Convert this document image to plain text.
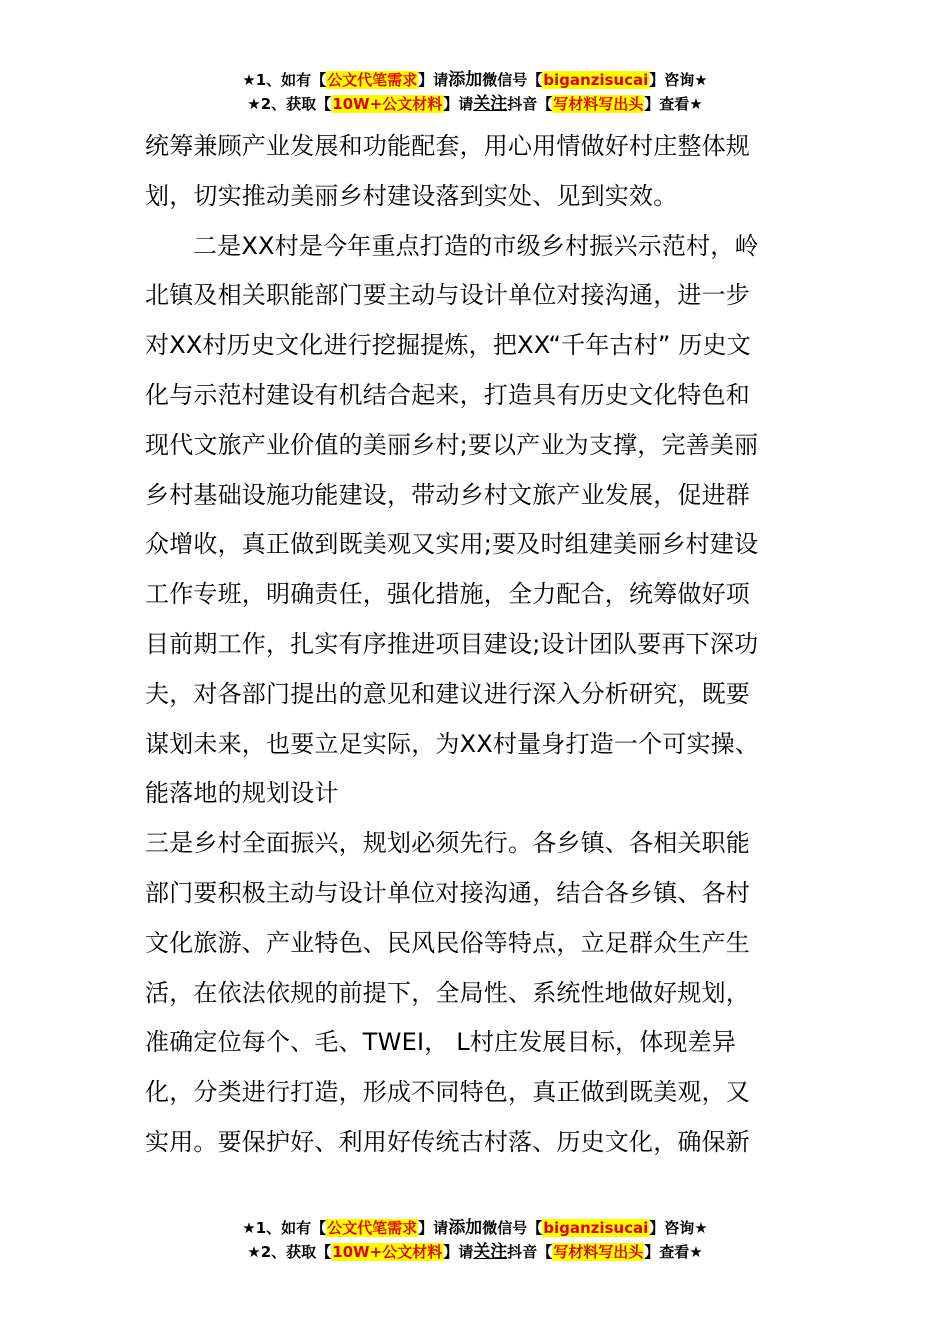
★1、如有【公文代笔需求】请添加微信号【biganzisucai】咨询★
★2、获取【10W+公文材料】请关注抖音【写材料写出头】查看★
统筹兼顾产业发展和功能配套，用心用情做好村庄整体规
划，切实推动美丽乡村建设落到实处、见到实效。
二是XX村是今年重点打造的市级乡村振兴示范村，岭
北镇及相关职能部门要主动与设计单位对接沟通，进一步
对XX村历史文化进行挖掘提炼，把XX“千年古村” 历史文
化与示范村建设有机结合起来，打造具有历史文化特色和
现代文旅产业价值的美丽乡村;要以产业为支撑，完善美丽
乡村基础设施功能建设，带动乡村文旅产业发展，促进群
众增收，真正做到既美观又实用;要及时组建美丽乡村建设
工作专班，明确责任，强化措施，全力配合，统筹做好项
目前期工作，扎实有序推进项目建设;设计团队要再下深功
夫，对各部门提出的意见和建议进行深入分析研究，既要
谋划未来，也要立足实际，为XX村量身打造一个可实操、
能落地的规划设计
三是乡村全面振兴，规划必须先行。各乡镇、各相关职能
部门要积极主动与设计单位对接沟通，结合各乡镇、各村
文化旅游、产业特色、民风民俗等特点，立足群众生产生
活，在依法依规的前提下，全局性、系统性地做好规划，
准确定位每个、毛、TWEI， L村庄发展目标，体现差异
化，分类进行打造，形成不同特色，真正做到既美观，又
实用。要保护好、利用好传统古村落、历史文化，确保新
★1、如有【公文代笔需求】请添加微信号【biganzisucai】咨询★
★2、获取【10W+公文材料】请关注抖音【写材料写出头】查看★
